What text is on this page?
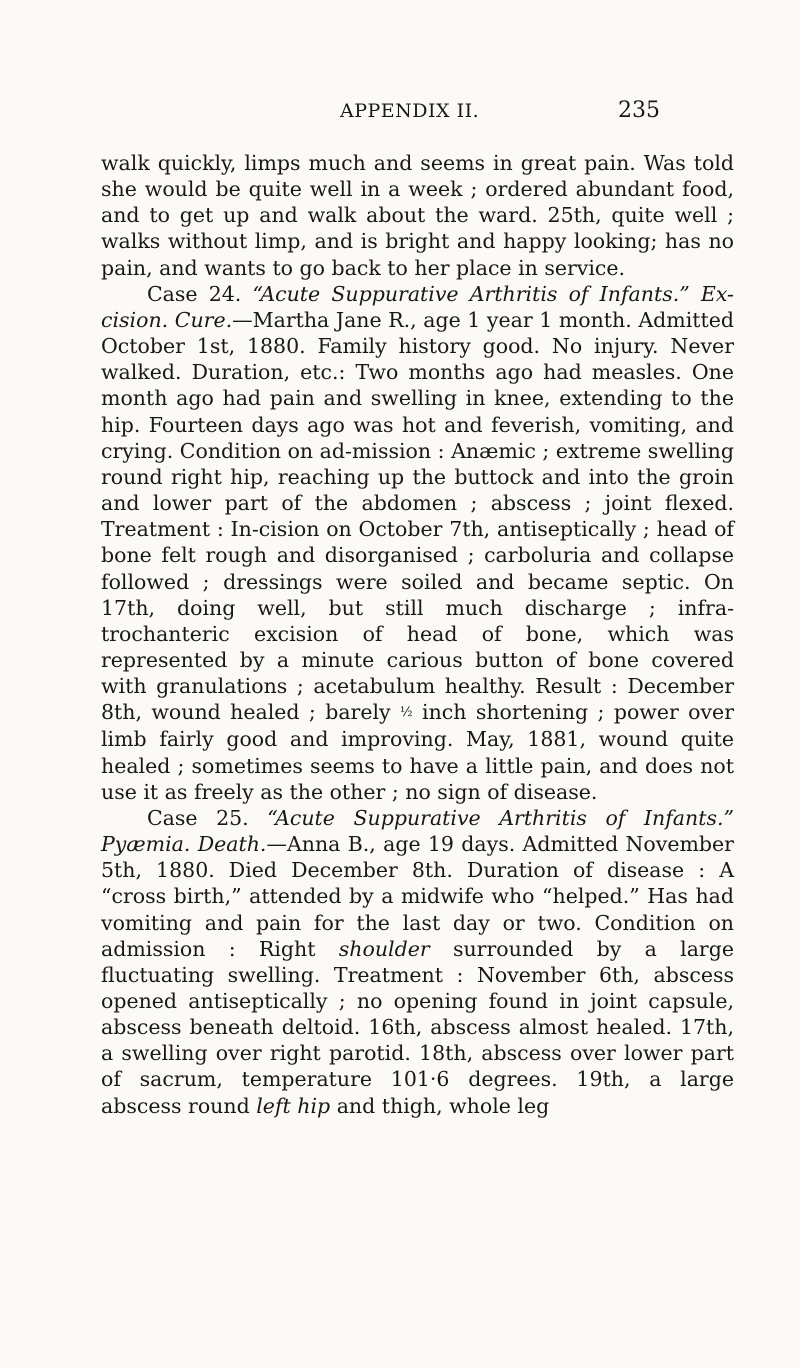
APPENDIX II.	235

walk quickly, limps much and seems in great pain. Was told she would be quite well in a week ; ordered abundant food, and to get up and walk about the ward. 25th, quite well ; walks without limp, and is bright and happy looking; has no pain, and wants to go back to her place in service.

Case 24. “Acute Suppurative Arthritis of Infants.” Ex-cision. Cure.—Martha Jane R., age 1 year 1 month. Admitted October 1st, 1880. Family history good. No injury. Never walked. Duration, etc.: Two months ago had measles. One month ago had pain and swelling in knee, extending to the hip. Fourteen days ago was hot and feverish, vomiting, and crying. Condition on ad-mission : Anæmic ; extreme swelling round right hip, reaching up the buttock and into the groin and lower part of the abdomen ; abscess ; joint flexed. Treatment : In-cision on October 7th, antiseptically ; head of bone felt rough and disorganised ; carboluria and collapse followed ; dressings were soiled and became septic. On 17th, doing well, but still much discharge ; infra-trochanteric excision of head of bone, which was represented by a minute carious button of bone covered with granulations ; acetabulum healthy. Result : December 8th, wound healed ; barely ½ inch shortening ; power over limb fairly good and improving. May, 1881, wound quite healed ; sometimes seems to have a little pain, and does not use it as freely as the other ; no sign of disease.

Case 25. “Acute Suppurative Arthritis of Infants.” Pyæmia. Death.—Anna B., age 19 days. Admitted November 5th, 1880. Died December 8th. Duration of disease : A “cross birth,” attended by a midwife who “helped.” Has had vomiting and pain for the last day or two. Condition on admission : Right shoulder surrounded by a large fluctuating swelling. Treatment : November 6th, abscess opened antiseptically ; no opening found in joint capsule, abscess beneath deltoid. 16th, abscess almost healed. 17th, a swelling over right parotid. 18th, abscess over lower part of sacrum, temperature 101·6 degrees. 19th, a large abscess round left hip and thigh, whole leg
